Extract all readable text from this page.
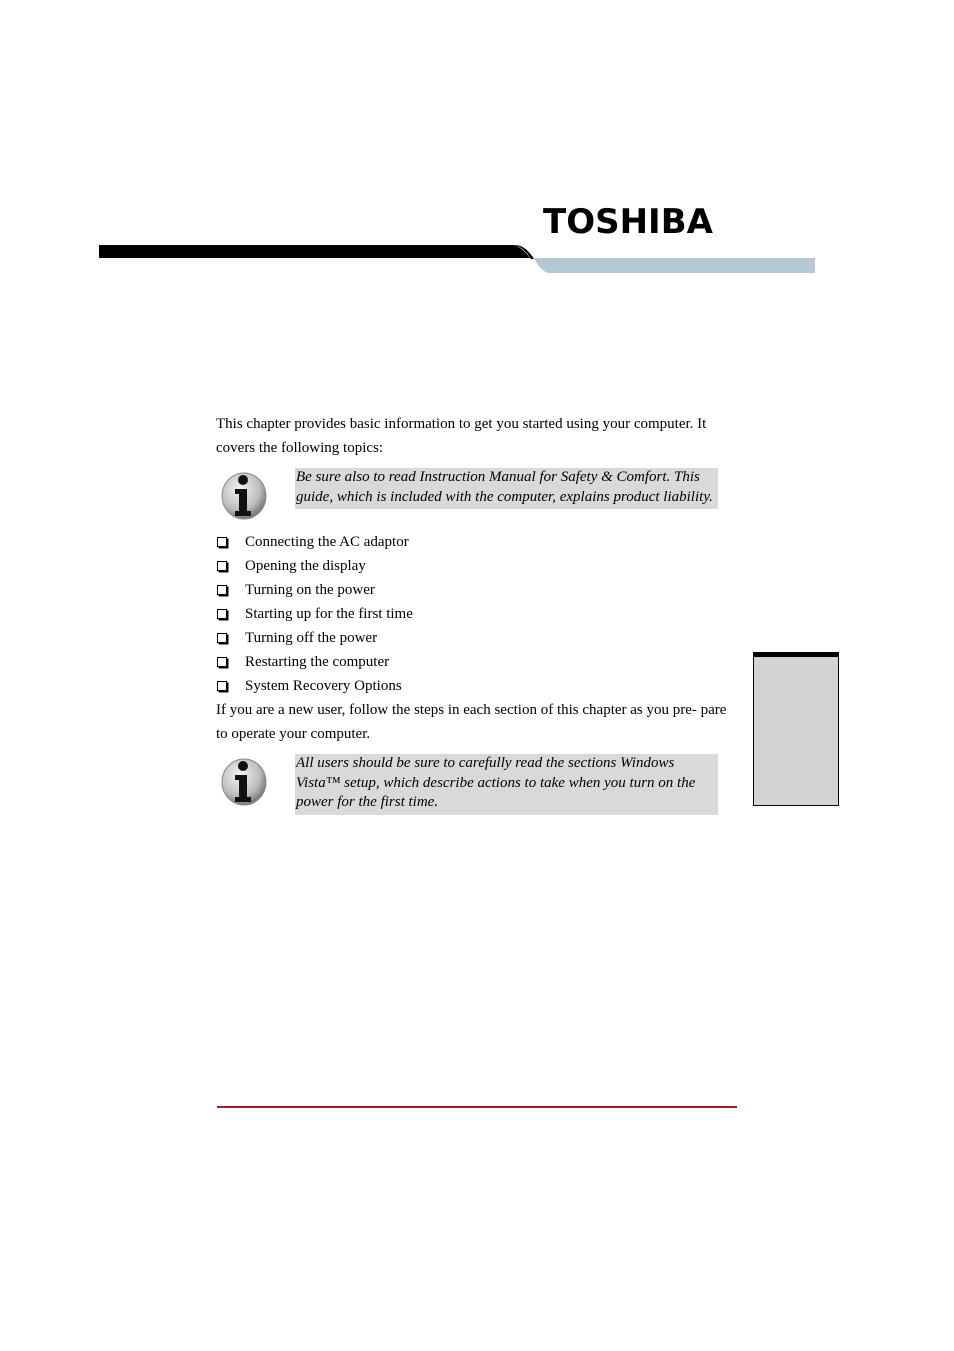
TOSHIBA
This chapter provides basic information to get you started using your computer. It covers the following topics:
Be sure also to read Instruction Manual for Safety & Comfort. This guide, which is included with the computer, explains product liability.
Connecting the AC adaptor
Opening the display
Turning on the power
Starting up for the first time
Turning off the power
Restarting the computer
System Recovery Options
If you are a new user, follow the steps in each section of this chapter as you pre- pare to operate your computer.
All users should be sure to carefully read the sections Windows Vista™ setup, which describe actions to take when you turn on the power for the first time.
